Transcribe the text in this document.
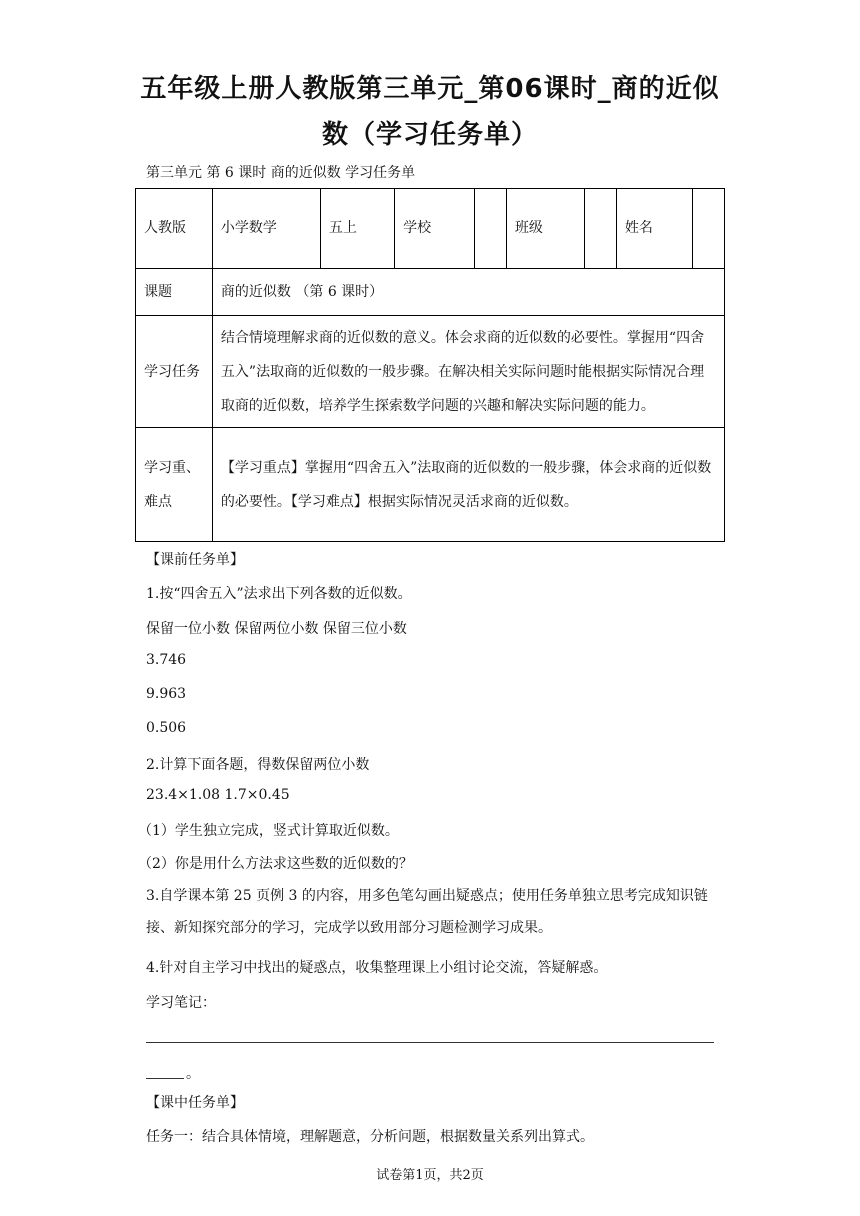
五年级上册人教版第三单元_第06课时_商的近似
数（学习任务单）
第三单元 第 6 课时 商的近似数 学习任务单
人教版	小学数学	五上	学校		班级		姓名	
课题	商的近似数 （第 6 课时）							
学习任务	结合情境理解求商的近似数的意义。体会求商的近似数的必要性。掌握用“四舍五入”法取商的近似数的一般步骤。在解决相关实际问题时能根据实际情况合理取商的近似数，培养学生探索数学问题的兴趣和解决实际问题的能力。							
学习重、难点	【学习重点】掌握用“四舍五入”法取商的近似数的一般步骤，体会求商的近似数的必要性。【学习难点】根据实际情况灵活求商的近似数。							
【课前任务单】
1.按“四舍五入”法求出下列各数的近似数。
保留一位小数 保留两位小数 保留三位小数
3.746
9.963
0.506
2.计算下面各题，得数保留两位小数
23.4×1.08 1.7×0.45
（1）学生独立完成，竖式计算取近似数。
（2）你是用什么方法求这些数的近似数的？
3.自学课本第 25 页例 3 的内容，用多色笔勾画出疑惑点；使用任务单独立思考完成知识链接、新知探究部分的学习，完成学以致用部分习题检测学习成果。
4.针对自主学习中找出的疑惑点，收集整理课上小组讨论交流，答疑解惑。
学习笔记：
。
【课中任务单】
任务一：结合具体情境，理解题意，分析问题，根据数量关系列出算式。
试卷第1页，共2页
